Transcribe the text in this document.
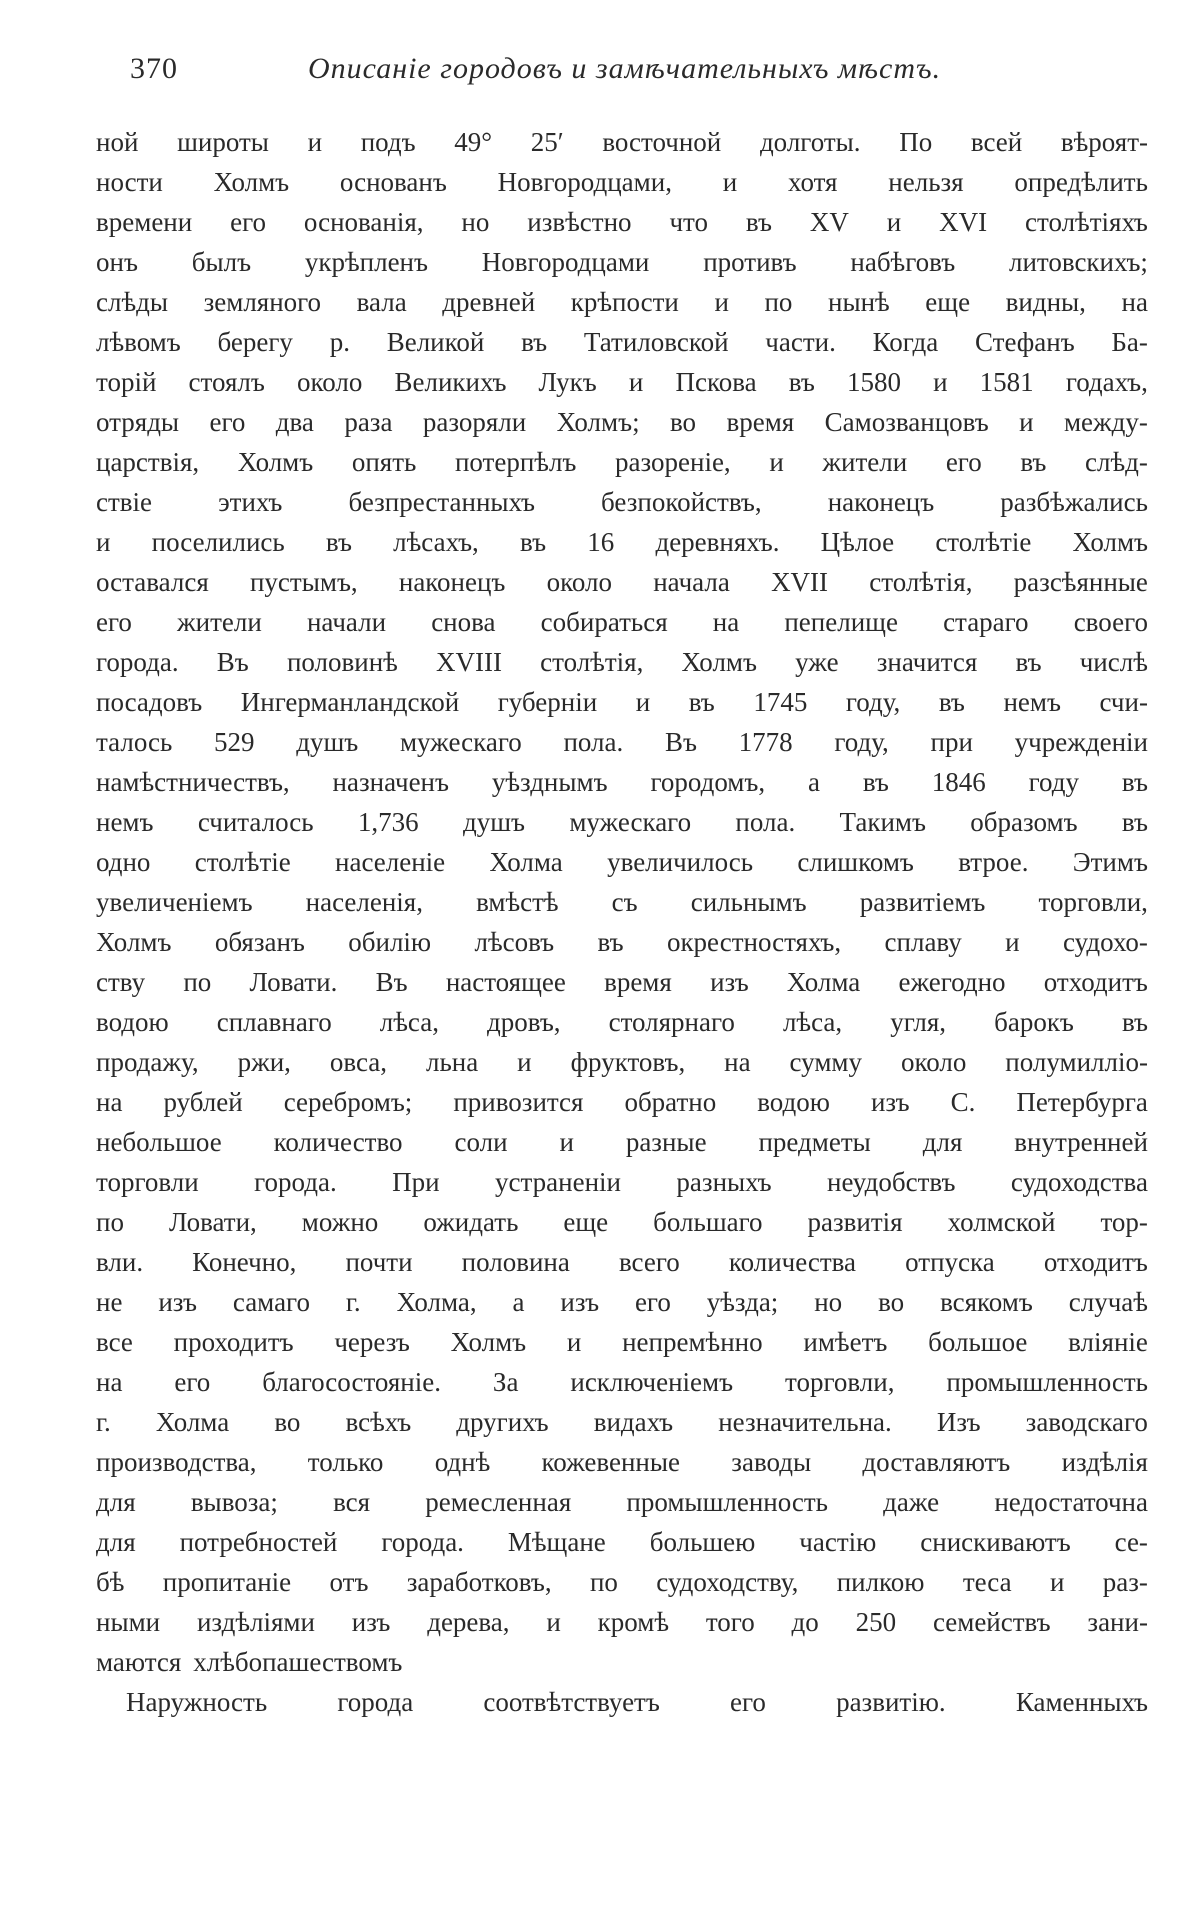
370	Описаніе городовъ и замѣчательныхъ мѣстъ.
ной широты и подъ 49° 25′ восточной долготы. По всей вѣроят-
ности Холмъ основанъ Новгородцами, и хотя нельзя опредѣлить
времени его основанія, но извѣстно что въ XV и XVI столѣтіяхъ
онъ былъ укрѣпленъ Новгородцами противъ набѣговъ литовскихъ;
слѣды земляного вала древней крѣпости и по нынѣ еще видны, на
лѣвомъ берегу р. Великой въ Татиловской части. Когда Стефанъ Ба-
торій стоялъ около Великихъ Лукъ и Пскова въ 1580 и 1581 годахъ,
отряды его два раза разоряли Холмъ; во время Самозванцовъ и междy-
царствія, Холмъ опять потерпѣлъ разореніе, и жители его въ слѣд-
ствіе этихъ безпрестанныхъ безпокойствъ, наконецъ разбѣжались
и поселились въ лѣсахъ, въ 16 деревняхъ. Цѣлое столѣтіе Холмъ
оставался пустымъ, наконецъ около начала XVII столѣтія, разсѣянные
его жители начали снова собираться на пепелище стараго своего
города. Въ половинѣ XVIII столѣтія, Холмъ уже значится въ числѣ
посадовъ Ингерманландской губерніи и въ 1745 году, въ немъ счи-
талось 529 душъ мужескаго пола. Въ 1778 году, при учрежденіи
намѣстничествъ, назначенъ уѣзднымъ городомъ, а въ 1846 году въ
немъ считалось 1,736 душъ мужескаго пола. Такимъ образомъ въ
одно столѣтіе населеніе Холма увеличилось слишкомъ втрое. Этимъ
увеличеніемъ населенія, вмѣстѣ съ сильнымъ развитіемъ торговли,
Холмъ обязанъ обилію лѣсовъ въ окрестностяхъ, сплаву и судохо-
ству по Ловати. Въ настоящее время изъ Холма ежегодно отходитъ
водою сплавнаго лѣса, дровъ, столярнаго лѣса, угля, барокъ въ
продажу, ржи, овса, льна и фруктовъ, на сумму около полумилліо-
на рублей серебромъ; привозится обратно водою изъ С. Петербурга
небольшое количество соли и разные предметы для внутренней
торговли города. При устраненіи разныхъ неудобствъ судоходства
по Ловати, можно ожидать еще большаго развитія холмской тор-
вли. Конечно, почти половина всего количества отпуска отходитъ
не изъ самаго г. Холма, а изъ его уѣзда; но во всякомъ случаѣ
все проходитъ черезъ Холмъ и непремѣнно имѣетъ большое вліяніе
на его благосостояніе. За исключеніемъ торговли, промышленность
г. Холма во всѣхъ другихъ видахъ незначительна. Изъ заводскаго
производства, только однѣ кожевенные заводы доставляютъ издѣлія
для вывоза; вся ремесленная промышленность даже недостаточна
для потребностей города. Мѣщане большею частію снискиваютъ се-
бѣ пропитаніе отъ заработковъ, по судоходству, пилкою теса и раз-
ными издѣліями изъ дерева, и кромѣ того до 250 семействъ зани-
маются хлѣбопашествомъ
Наружность	города	соотвѣтствуетъ	его	развитію.	Каменныхъ
